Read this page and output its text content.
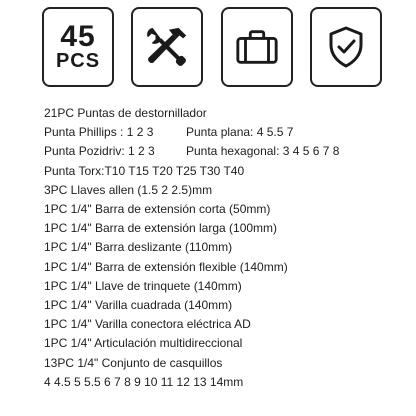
45
PCS
21PC Puntas de destornillador
Punta Phillips : 1 2 3	Punta plana: 4 5.5 7
Punta Pozidriv: 1 2 3	Punta hexagonal: 3 4 5 6 7 8
Punta Torx:T10 T15 T20 T25 T30 T40
3PC Llaves allen (1.5 2 2.5)mm
1PC 1/4" Barra de extensión corta (50mm)
1PC 1/4" Barra de extensión larga (100mm)
1PC 1/4" Barra deslizante (110mm)
1PC 1/4" Barra de extensión flexible (140mm)
1PC 1/4" Llave de trinquete (140mm)
1PC 1/4" Varilla cuadrada (140mm)
1PC 1/4" Varilla conectora eléctrica AD
1PC 1/4" Articulación multidireccional
13PC 1/4" Conjunto de casquillos
4 4.5 5 5.5 6 7 8 9 10 11 12 13 14mm
